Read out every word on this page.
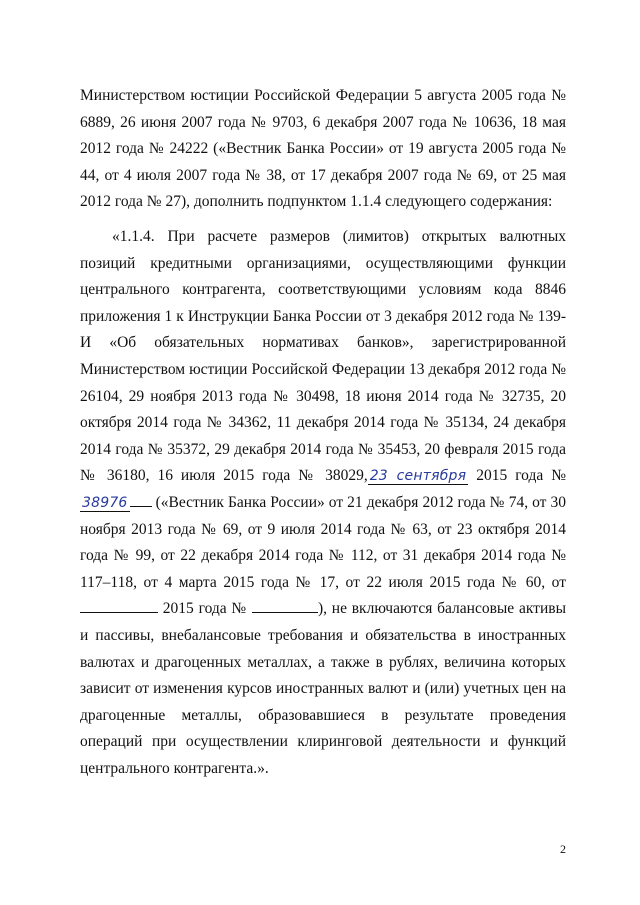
Министерством юстиции Российской Федерации 5 августа 2005 года № 6889, 26 июня 2007 года № 9703, 6 декабря 2007 года № 10636, 18 мая 2012 года № 24222 («Вестник Банка России» от 19 августа 2005 года № 44, от 4 июля 2007 года № 38, от 17 декабря 2007 года № 69, от 25 мая 2012 года № 27), дополнить подпунктом 1.1.4 следующего содержания:

«1.1.4. При расчете размеров (лимитов) открытых валютных позиций кредитными организациями, осуществляющими функции центрального контрагента, соответствующими условиям кода 8846 приложения 1 к Инструкции Банка России от 3 декабря 2012 года № 139-И «Об обязательных нормативах банков», зарегистрированной Министерством юстиции Российской Федерации 13 декабря 2012 года № 26104, 29 ноября 2013 года № 30498, 18 июня 2014 года № 32735, 20 октября 2014 года № 34362, 11 декабря 2014 года № 35134, 24 декабря 2014 года № 35372, 29 декабря 2014 года № 35453, 20 февраля 2015 года № 36180, 16 июля 2015 года № 38029, 23 сентября 2015 года № 38976 («Вестник Банка России» от 21 декабря 2012 года № 74, от 30 ноября 2013 года № 69, от 9 июля 2014 года № 63, от 23 октября 2014 года № 99, от 22 декабря 2014 года № 112, от 31 декабря 2014 года № 117–118, от 4 марта 2015 года № 17, от 22 июля 2015 года № 60, от  2015 года №	), не включаются балансовые активы и пассивы, внебалансовые требования и обязательства в иностранных валютах и драгоценных металлах, а также в рублях, величина которых зависит от изменения курсов иностранных валют и (или) учетных цен на драгоценные металлы, образовавшиеся в результате проведения операций при осуществлении клиринговой деятельности и функций центрального контрагента.».

2
